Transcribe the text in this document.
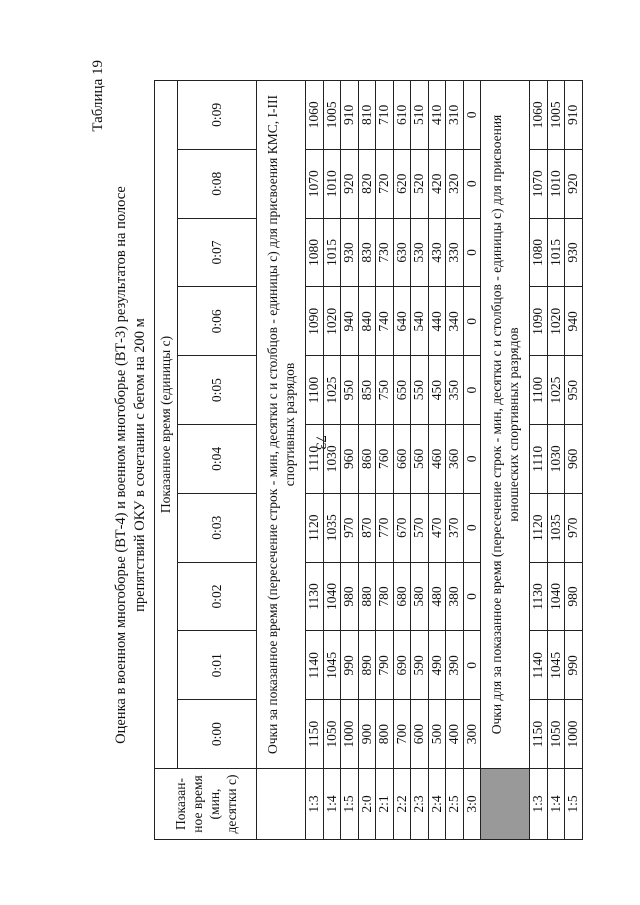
73
Таблица 19
Оценка в военном многоборье (ВТ-4) и военном многоборье (ВТ-3) результатов на полосе препятствий ОКУ в сочетании с бегом на 200 м
Показан-ное время (мин, десятки с)	Показанное время (единицы с)									
	0:00	0:01	0:02	0:03	0:04	0:05	0:06	0:07	0:08	0:09
	Очки за показанное время (пересечение строк - мин, десятки с и столбцов - единицы с) для присвоения КМС, I-III спортивных разрядов									
1:3	1150	1140	1130	1120	1110	1100	1090	1080	1070	1060
1:4	1050	1045	1040	1035	1030	1025	1020	1015	1010	1005
1:5	1000	990	980	970	960	950	940	930	920	910
2:0	900	890	880	870	860	850	840	830	820	810
2:1	800	790	780	770	760	750	740	730	720	710
2:2	700	690	680	670	660	650	640	630	620	610
2:3	600	590	580	570	560	550	540	530	520	510
2:4	500	490	480	470	460	450	440	430	420	410
2:5	400	390	380	370	360	350	340	330	320	310
3:0	300	0	0	0	0	0	0	0	0	0
	Очки для за показанное время (пересечение строк - мин, десятки с и столбцов - единицы с) для присвоения юношеских спортивных разрядов									
1:3	1150	1140	1130	1120	1110	1100	1090	1080	1070	1060
1:4	1050	1045	1040	1035	1030	1025	1020	1015	1010	1005
1:5	1000	990	980	970	960	950	940	930	920	910
